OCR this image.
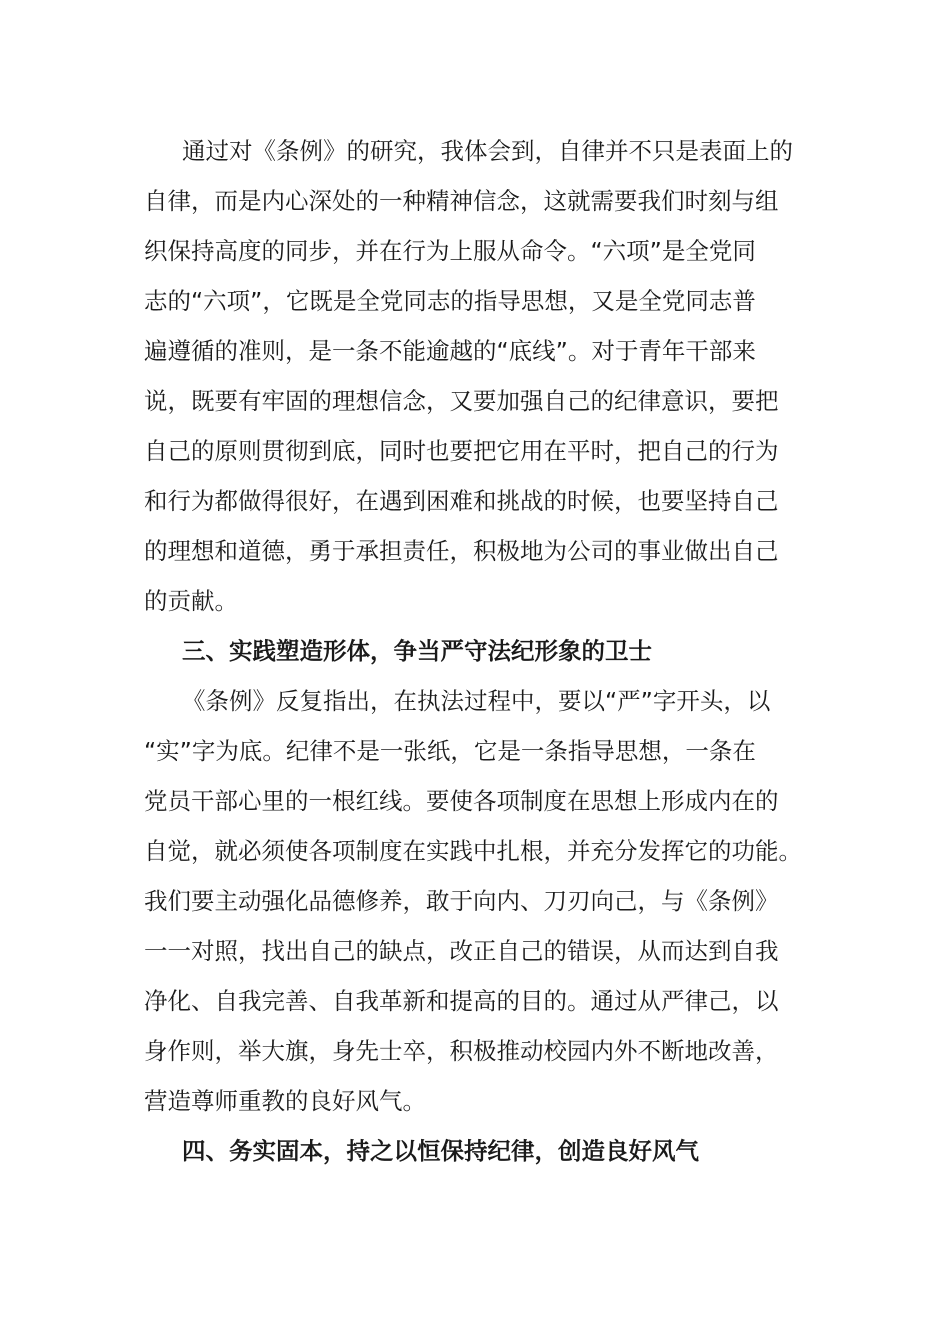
通过对《条例》的研究，我体会到，自律并不只是表面上的
自律，而是内心深处的一种精神信念，这就需要我们时刻与组
织保持高度的同步，并在行为上服从命令。“六项”是全党同
志的“六项”，它既是全党同志的指导思想，又是全党同志普
遍遵循的准则，是一条不能逾越的“底线”。对于青年干部来
说，既要有牢固的理想信念，又要加强自己的纪律意识，要把
自己的原则贯彻到底，同时也要把它用在平时，把自己的行为
和行为都做得很好，在遇到困难和挑战的时候，也要坚持自己
的理想和道德，勇于承担责任，积极地为公司的事业做出自己
的贡献。
三、实践塑造形体，争当严守法纪形象的卫士
《条例》反复指出，在执法过程中，要以“严”字开头，以
“实”字为底。纪律不是一张纸，它是一条指导思想，一条在
党员干部心里的一根红线。要使各项制度在思想上形成内在的
自觉，就必须使各项制度在实践中扎根，并充分发挥它的功能。
我们要主动强化品德修养，敢于向内、刀刃向己，与《条例》
一一对照，找出自己的缺点，改正自己的错误，从而达到自我
净化、自我完善、自我革新和提高的目的。通过从严律己，以
身作则，举大旗，身先士卒，积极推动校园内外不断地改善，
营造尊师重教的良好风气。
四、务实固本，持之以恒保持纪律，创造良好风气
